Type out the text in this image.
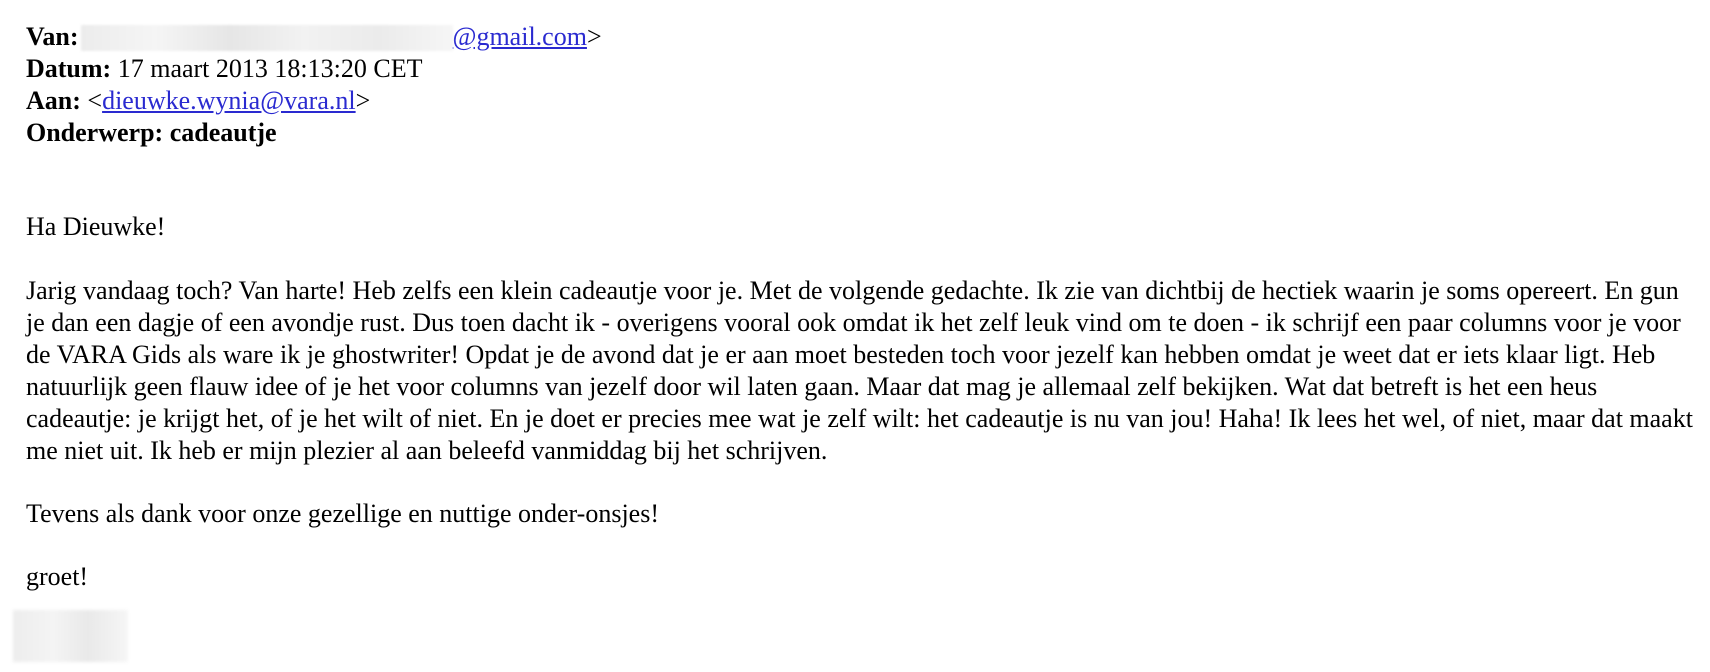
Van:	@gmail.com>
Datum: 17 maart 2013 18:13:20 CET
Aan: <dieuwke.wynia@vara.nl>
Onderwerp: cadeautje
Ha Dieuwke!
Jarig vandaag toch? Van harte! Heb zelfs een klein cadeautje voor je. Met de volgende gedachte. Ik zie van dichtbij de hectiek waarin je soms opereert. En gun je dan een dagje of een avondje rust. Dus toen dacht ik - overigens vooral ook omdat ik het zelf leuk vind om te doen - ik schrijf een paar columns voor je voor de VARA Gids als ware ik je ghostwriter! Opdat je de avond dat je er aan moet besteden toch voor jezelf kan hebben omdat je weet dat er iets klaar ligt. Heb natuurlijk geen flauw idee of je het voor columns van jezelf door wil laten gaan. Maar dat mag je allemaal zelf bekijken. Wat dat betreft is het een heus cadeautje: je krijgt het, of je het wilt of niet. En je doet er precies mee wat je zelf wilt: het cadeautje is nu van jou! Haha! Ik lees het wel, of niet, maar dat maakt me niet uit. Ik heb er mijn plezier al aan beleefd vanmiddag bij het schrijven.
Tevens als dank voor onze gezellige en nuttige onder-onsjes!
groet!
